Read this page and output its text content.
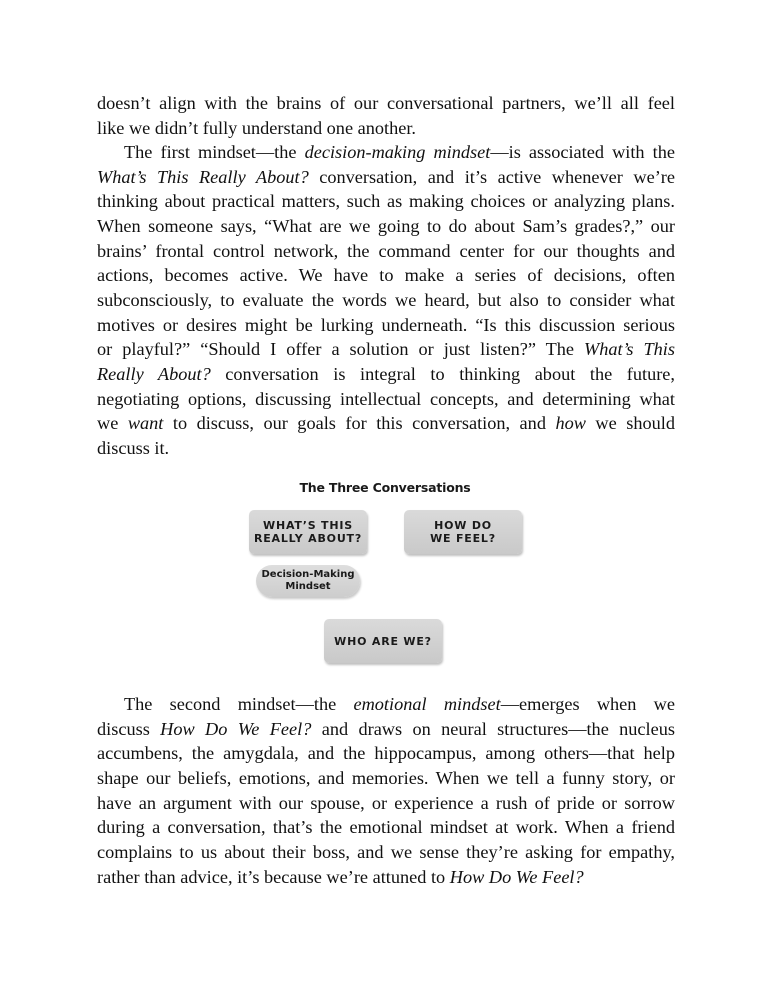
doesn’t align with the brains of our conversational partners, we’ll all feel
like we didn’t fully understand one another.
The first mindset—the decision-making mindset—is associated with the
What’s This Really About? conversation, and it’s active whenever we’re
thinking about practical matters, such as making choices or analyzing plans.
When someone says, “What are we going to do about Sam’s grades?,” our
brains’ frontal control network, the command center for our thoughts and
actions, becomes active. We have to make a series of decisions, often
subconsciously, to evaluate the words we heard, but also to consider what
motives or desires might be lurking underneath. “Is this discussion serious
or playful?” “Should I offer a solution or just listen?” The What’s This
Really About? conversation is integral to thinking about the future,
negotiating options, discussing intellectual concepts, and determining what
we want to discuss, our goals for this conversation, and how we should
discuss it.
The Three Conversations
WHAT’S THIS
REALLY ABOUT?
HOW DO
WE FEEL?
Decision-Making
Mindset
WHO ARE WE?
The second mindset—the emotional mindset—emerges when we
discuss How Do We Feel? and draws on neural structures—the nucleus
accumbens, the amygdala, and the hippocampus, among others—that help
shape our beliefs, emotions, and memories. When we tell a funny story, or
have an argument with our spouse, or experience a rush of pride or sorrow
during a conversation, that’s the emotional mindset at work. When a friend
complains to us about their boss, and we sense they’re asking for empathy,
rather than advice, it’s because we’re attuned to How Do We Feel?
